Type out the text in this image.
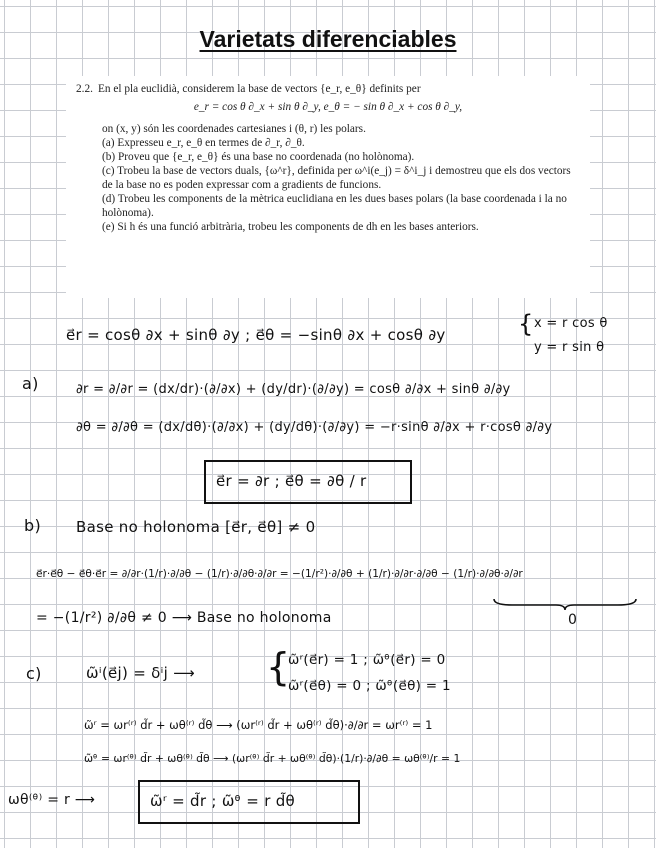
Varietats diferenciables

2.2. En el pla euclidià, considerem la base de vectors {e_r, e_θ} definits per

e_r = cos θ ∂_x + sin θ ∂_y, e_θ = − sin θ ∂_x + cos θ ∂_y,

on (x, y) són les coordenades cartesianes i (θ, r) les polars.

(a) Expresseu e_r, e_θ en termes de ∂_r, ∂_θ.

(b) Proveu que {e_r, e_θ} és una base no coordenada (no holònoma).

(c) Trobeu la base de vectors duals, {ω^r}, definida per ω^i(e_j) = δ^i_j i demostreu que els dos vectors de la base no es poden expressar com a gradients de funcions.

(d) Trobeu les components de la mètrica euclidiana en les dues bases polars (la base coordenada i la no holònoma).

(e) Si h és una funció arbitrària, trobeu les components de dh en les bases anteriors.

e⃗r = cosθ ∂x + sinθ ∂y ; e⃗θ = −sinθ ∂x + cosθ ∂y	{ x = r cos θ
y = r sin θ
a)	∂r = ∂/∂r = (dx/dr)·(∂/∂x) + (dy/dr)·(∂/∂y) = cosθ ∂/∂x + sinθ ∂/∂y
∂θ = ∂/∂θ = (dx/dθ)·(∂/∂x) + (dy/dθ)·(∂/∂y) = −r·sinθ ∂/∂x + r·cosθ ∂/∂y
e⃗r = ∂r ; e⃗θ = ∂θ / r
b) Base no holonoma [e⃗r, e⃗θ] ≠ 0
e⃗r·e⃗θ − e⃗θ·e⃗r = ∂/∂r·(1/r)·∂/∂θ − (1/r)·∂/∂θ·∂/∂r = −(1/r²)·∂/∂θ + (1/r)·∂/∂r·∂/∂θ − (1/r)·∂/∂θ·∂/∂r
= −(1/r²) ∂/∂θ ≠ 0 ⟶ Base no holonoma	0
c)	ω̃ⁱ(e⃗j) = δⁱj ⟶ {
ω̃ʳ(e⃗r) = 1 ; ω̃ᶿ(e⃗r) = 0
ω̃ʳ(e⃗θ) = 0 ; ω̃ᶿ(e⃗θ) = 1
ω̃ʳ = ωr⁽ʳ⁾ d̃r + ωθ⁽ʳ⁾ d̃θ ⟶ (ωr⁽ʳ⁾ d̃r + ωθ⁽ʳ⁾ d̃θ)·∂/∂r = ωr⁽ʳ⁾ = 1
ω̃ᶿ = ωr⁽ᶿ⁾ d̃r + ωθ⁽ᶿ⁾ d̃θ ⟶ (ωr⁽ᶿ⁾ d̃r + ωθ⁽ᶿ⁾ d̃θ)·(1/r)·∂/∂θ = ωθ⁽ᶿ⁾/r = 1
ωθ⁽ᶿ⁾ = r ⟶	ω̃ʳ = d̃r ; ω̃ᶿ = r d̃θ
